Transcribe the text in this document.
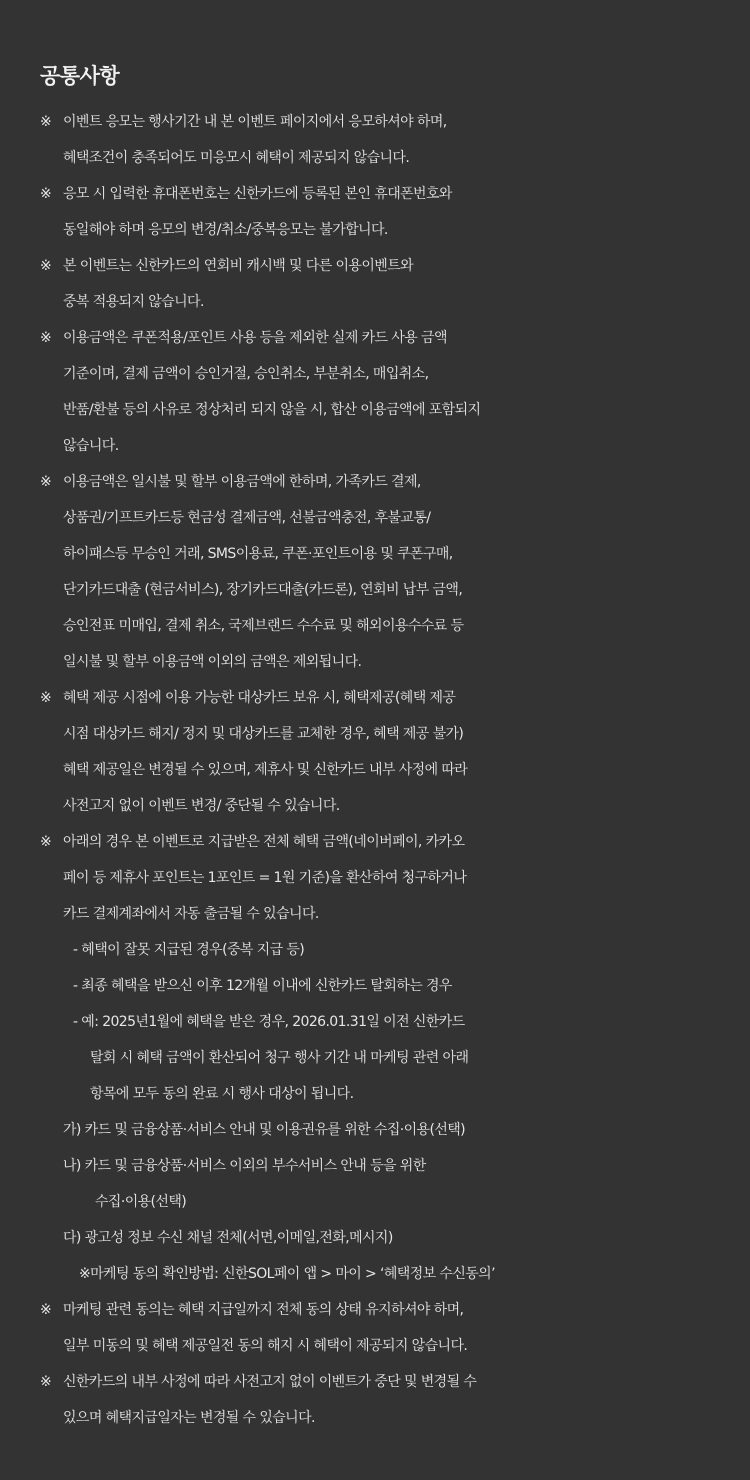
공통사항
※ 이벤트 응모는 행사기간 내 본 이벤트 페이지에서 응모하셔야 하며,
혜택조건이 충족되어도 미응모시 혜택이 제공되지 않습니다.
※ 응모 시 입력한 휴대폰번호는 신한카드에 등록된 본인 휴대폰번호와
동일해야 하며 응모의 변경/취소/중복응모는 불가합니다.
※ 본 이벤트는 신한카드의 연회비 캐시백 및 다른 이용이벤트와
중복 적용되지 않습니다.
※ 이용금액은 쿠폰적용/포인트 사용 등을 제외한 실제 카드 사용 금액
기준이며, 결제 금액이 승인거절, 승인취소, 부분취소, 매입취소,
반품/환불 등의 사유로 정상처리 되지 않을 시, 합산 이용금액에 포함되지
않습니다.
※ 이용금액은 일시불 및 할부 이용금액에 한하며, 가족카드 결제,
상품권/기프트카드등 현금성 결제금액, 선불금액충전, 후불교통/
하이패스등 무승인 거래, SMS이용료, 쿠폰·포인트이용 및 쿠폰구매,
단기카드대출 (현금서비스), 장기카드대출(카드론), 연회비 납부 금액,
승인전표 미매입, 결제 취소, 국제브랜드 수수료 및 해외이용수수료 등
일시불 및 할부 이용금액 이외의 금액은 제외됩니다.
※ 혜택 제공 시점에 이용 가능한 대상카드 보유 시, 혜택제공(혜택 제공
시점 대상카드 해지/ 정지 및 대상카드를 교체한 경우, 혜택 제공 불가)
혜택 제공일은 변경될 수 있으며, 제휴사 및 신한카드 내부 사정에 따라
사전고지 없이 이벤트 변경/ 중단될 수 있습니다.
※ 아래의 경우 본 이벤트로 지급받은 전체 혜택 금액(네이버페이, 카카오
페이 등 제휴사 포인트는 1포인트 = 1원 기준)을 환산하여 청구하거나
카드 결제계좌에서 자동 출금될 수 있습니다.
- 혜택이 잘못 지급된 경우(중복 지급 등)
- 최종 혜택을 받으신 이후 12개월 이내에 신한카드 탈회하는 경우
- 예: 2025년1월에 혜택을 받은 경우, 2026.01.31일 이전 신한카드
탈회 시 혜택 금액이 환산되어 청구 행사 기간 내 마케팅 관련 아래
항목에 모두 동의 완료 시 행사 대상이 됩니다.
가) 카드 및 금융상품·서비스 안내 및 이용권유를 위한 수집·이용(선택)
나) 카드 및 금융상품·서비스 이외의 부수서비스 안내 등을 위한
수집·이용(선택)
다) 광고성 정보 수신 채널 전체(서면,이메일,전화,메시지)
※마케팅 동의 확인방법: 신한SOL페이 앱 > 마이 > ‘혜택정보 수신동의’
※ 마케팅 관련 동의는 혜택 지급일까지 전체 동의 상태 유지하셔야 하며,
일부 미동의 및 혜택 제공일전 동의 해지 시 혜택이 제공되지 않습니다.
※ 신한카드의 내부 사정에 따라 사전고지 없이 이벤트가 중단 및 변경될 수
있으며 혜택지급일자는 변경될 수 있습니다.
